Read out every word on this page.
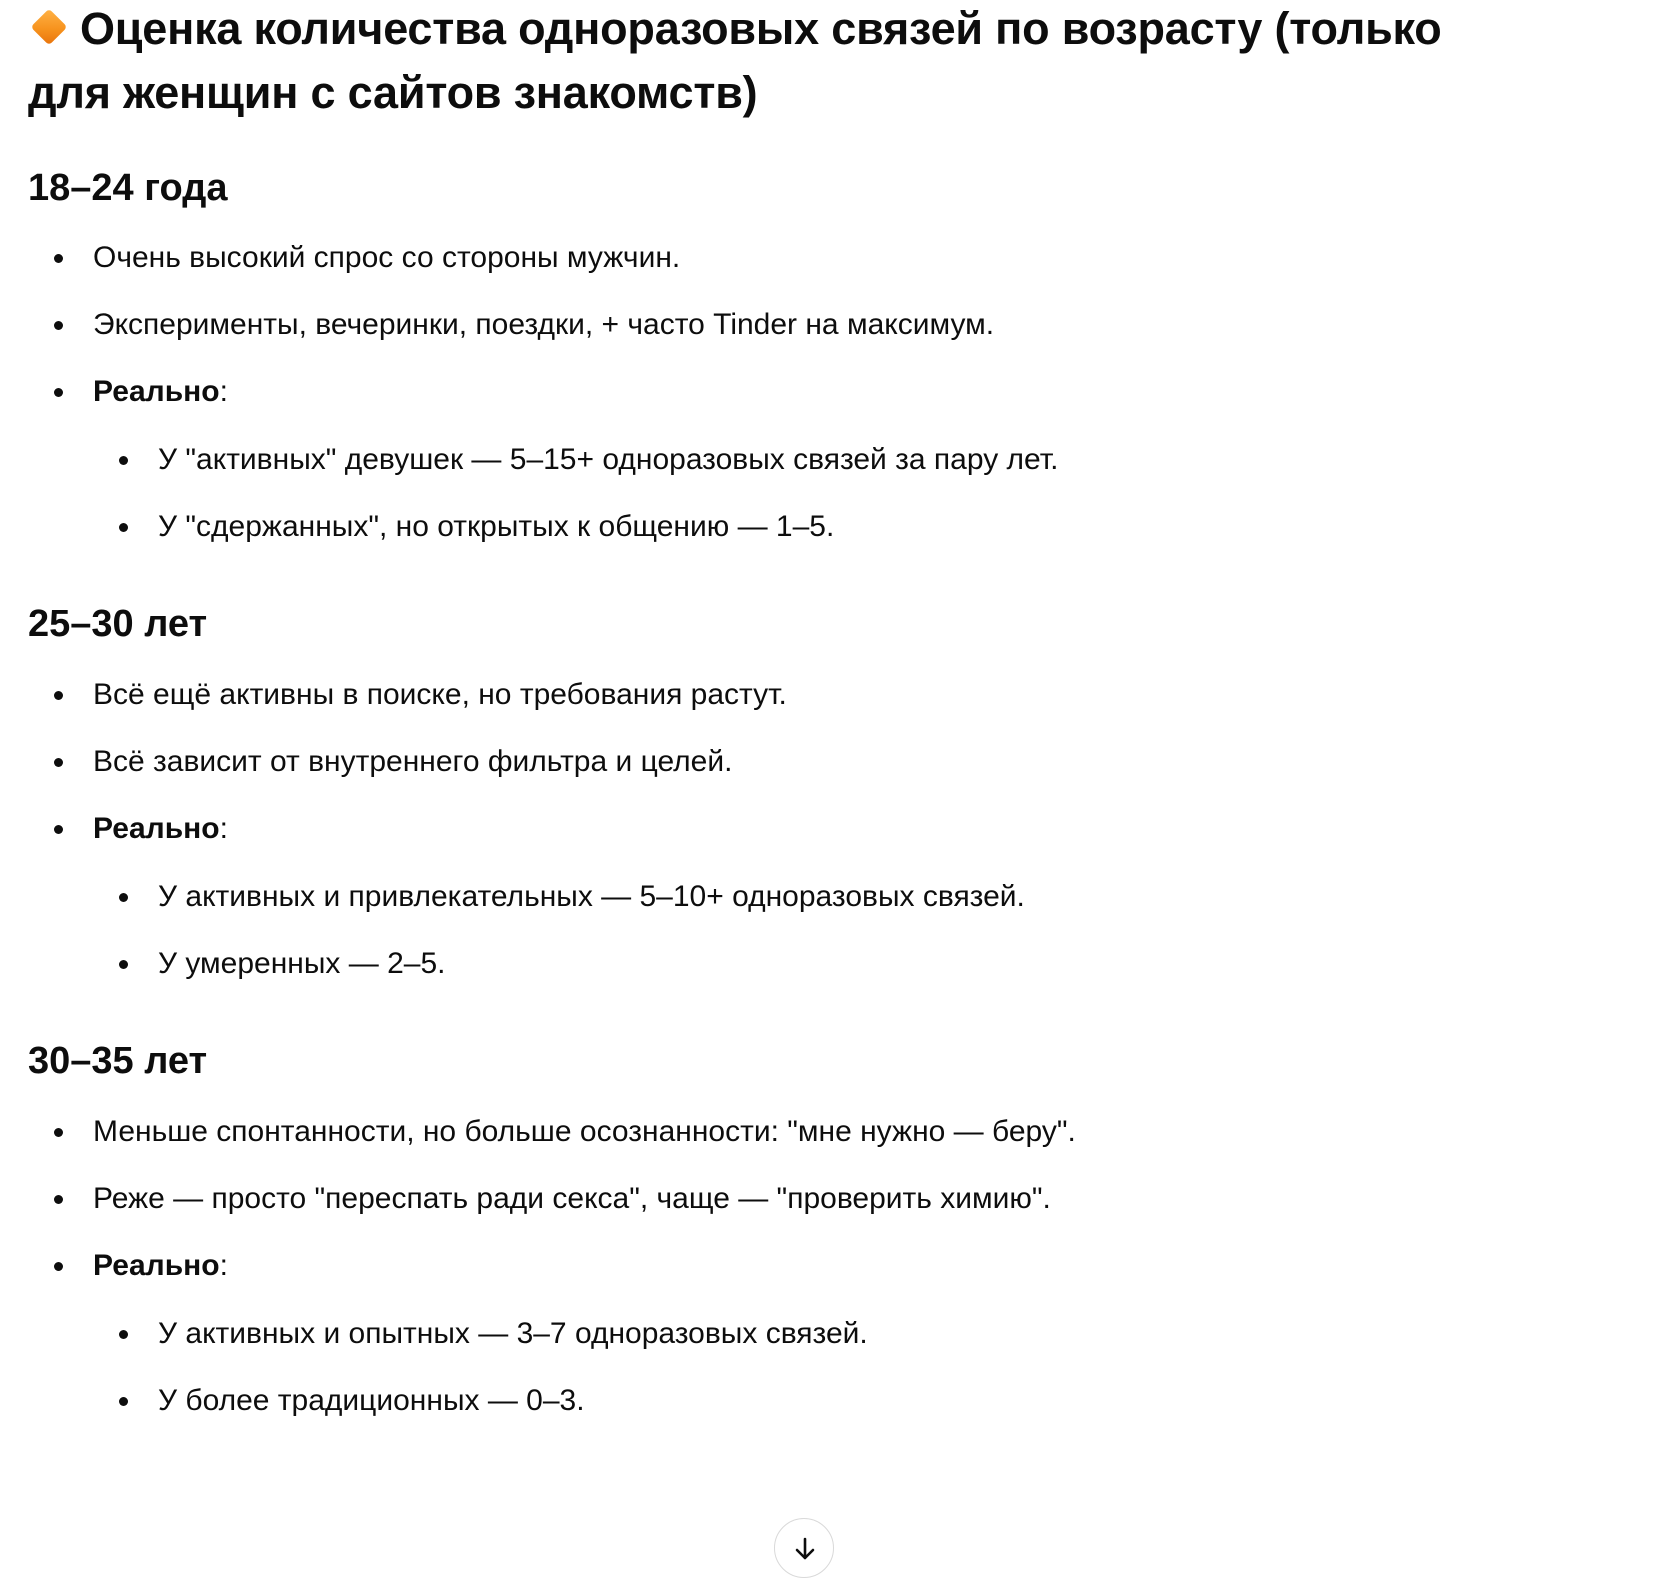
Оценка количества одноразовых связей по возрасту (только
для женщин с сайтов знакомств)
18–24 года
Очень высокий спрос со стороны мужчин.
Эксперименты, вечеринки, поездки, + часто Tinder на максимум.
Реально:
У "активных" девушек — 5–15+ одноразовых связей за пару лет.
У "сдержанных", но открытых к общению — 1–5.
25–30 лет
Всё ещё активны в поиске, но требования растут.
Всё зависит от внутреннего фильтра и целей.
Реально:
У активных и привлекательных — 5–10+ одноразовых связей.
У умеренных — 2–5.
30–35 лет
Меньше спонтанности, но больше осознанности: "мне нужно — беру".
Реже — просто "переспать ради секса", чаще — "проверить химию".
Реально:
У активных и опытных — 3–7 одноразовых связей.
У более традиционных — 0–3.
